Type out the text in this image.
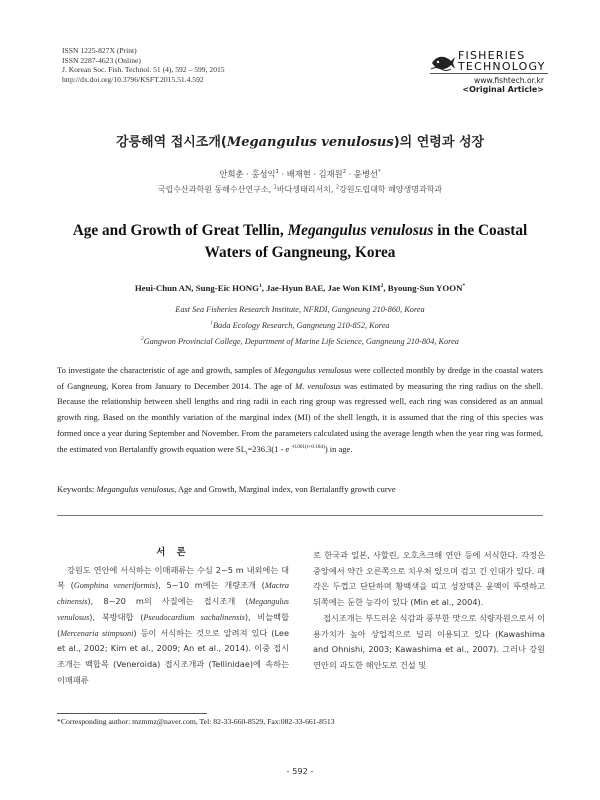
ISSN 1225-827X (Print)
ISSN 2287-4623 (Online)
J. Korean Soc. Fish. Technol. 51 (4), 592 – 599, 2015
http://dx.doi.org/10.3796/KSFT.2015.51.4.592
FISHERIES
TECHNOLOGY
www.fishtech.or.kr
<Original Article>
강릉해역 접시조개(Megangulus venulosus)의 연령과 성장
안희춘 · 홍성익$^1$ · 배재현 · 김재원$^2$ · 윤병선*
국립수산과학원 동해수산연구소, $^1$바다생태리서치, $^2$강원도립대학 해양생명과학과
Age and Growth of Great Tellin, Megangulus venulosus in the Coastal Waters of Gangneung, Korea
Heui-Chun AN, Sung-Eic HONG$^1$, Jae-Hyun BAE, Jae Won KIM$^2$, Byoung-Sun YOON*
East Sea Fisheries Research Institute, NFRDI, Gangneung 210-860, Korea
$^1$Bada Ecology Research, Gangneung 210-852, Korea
$^2$Gangwon Provincial College, Department of Marine Life Science, Gangneung 210-804, Korea
To investigate the characteristic of age and growth, samples of Megangulus venulosus were collected monthly by dredge in the coastal waters of Gangneung, Korea from January to December 2014. The age of M. venulosus was estimated by measuring the ring radius on the shell. Because the relationship between shell lengths and ring radii in each ring group was regressed well, each ring was considered as an annual growth ring. Based on the monthly variation of the marginal index (MI) of the shell length, it is assumed that the ring of this species was formed once a year during September and November. From the parameters calculated using the average length when the year ring was formed, the estimated von Bertalanffy growth equation were $SL_t=236.3(1 - e$ $^{-0.061(t+0.184)}$) in age.
Keywords: Megangulus venulosus, Age and Growth, Marginal index, von Bertalanffy growth curve
서 론
강원도 연안에 서식하는 이매패류는 수심 2~5 m 내외에는 대복 (Gomphina veneriformis), 5~10 m에는 개량조개 (Mactra chinensis), 8~20 m의 사질에는 접시조개 (Megangulus venulosus), 북방대합 (Pseudocardium sachalinensis), 비늘백합 (Mercenaria stimpsoni) 등이 서식하는 것으로 알려져 있다 (Lee et al., 2002; Kim et al., 2009; An et al., 2014). 이중 접시조개는 백합목 (Veneroida) 접시조개과 (Tellinidae)에 속하는 이매패류
로 한국과 일본, 사할린, 오호츠크해 연안 등에 서식한다. 각정은 중앙에서 약간 오른쪽으로 치우쳐 있으며 검고 긴 인대가 있다. 패각은 두껍고 단단하며 황백색을 띠고 성장맥은 윤맥이 뚜렷하고 뒤쪽에는 둔한 능각이 있다 (Min et al., 2004).
접시조개는 부드러운 식감과 풍부한 맛으로 식량자원으로서 이용가치가 높아 상업적으로 널리 이용되고 있다 (Kawashima and Ohnishi, 2003; Kawashima et al., 2007). 그러나 강원 연안의 과도한 해안도로 건설 및
*Corresponding author: mzmmz@naver.com, Tel: 82-33-660-8529, Fax:082-33-661-8513
- 592 -
